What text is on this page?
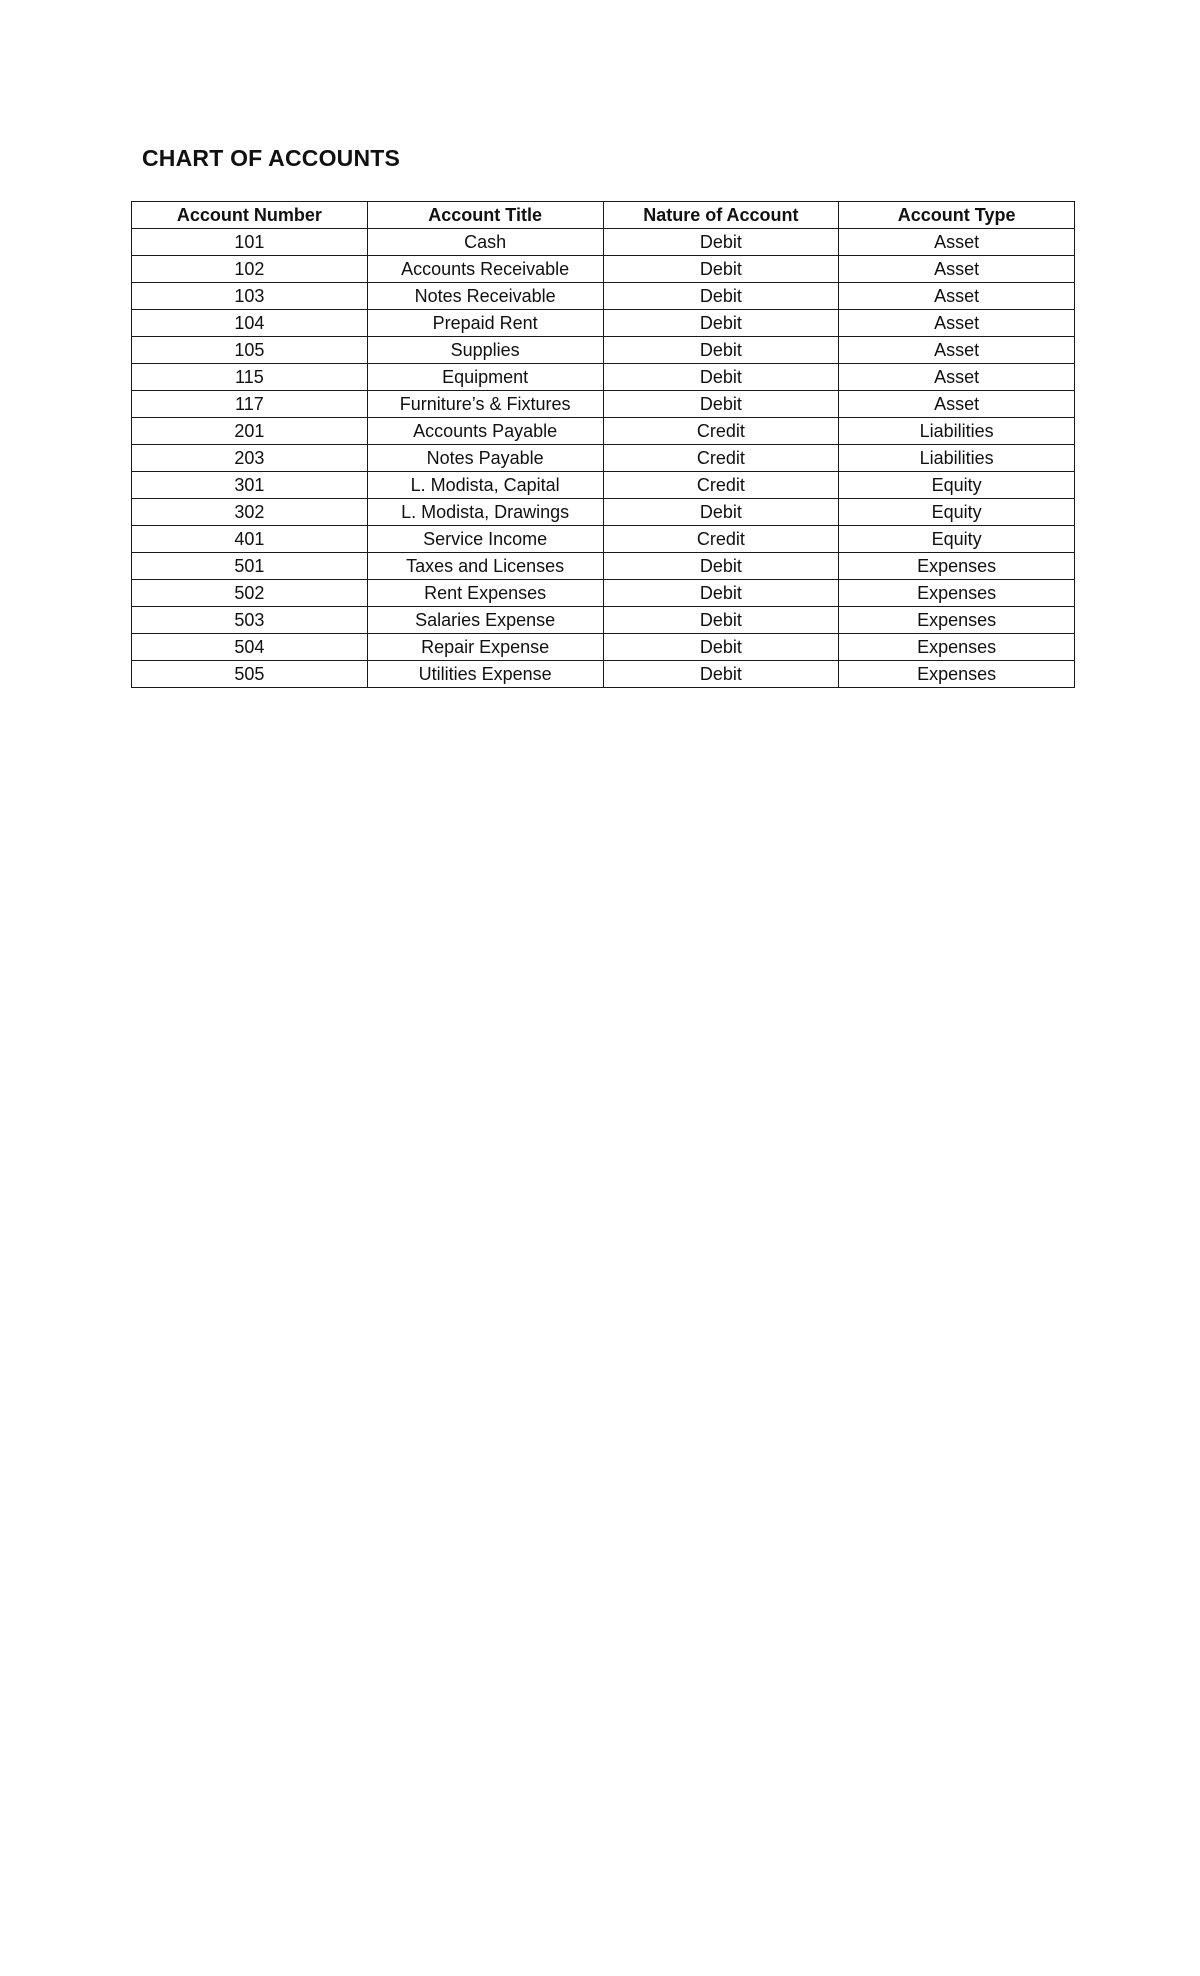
CHART OF ACCOUNTS
Account Number	Account Title	Nature of Account	Account Type
101	Cash	Debit	Asset
102	Accounts Receivable	Debit	Asset
103	Notes Receivable	Debit	Asset
104	Prepaid Rent	Debit	Asset
105	Supplies	Debit	Asset
115	Equipment	Debit	Asset
117	Furniture’s & Fixtures	Debit	Asset
201	Accounts Payable	Credit	Liabilities
203	Notes Payable	Credit	Liabilities
301	L. Modista, Capital	Credit	Equity
302	L. Modista, Drawings	Debit	Equity
401	Service Income	Credit	Equity
501	Taxes and Licenses	Debit	Expenses
502	Rent Expenses	Debit	Expenses
503	Salaries Expense	Debit	Expenses
504	Repair Expense	Debit	Expenses
505	Utilities Expense	Debit	Expenses
